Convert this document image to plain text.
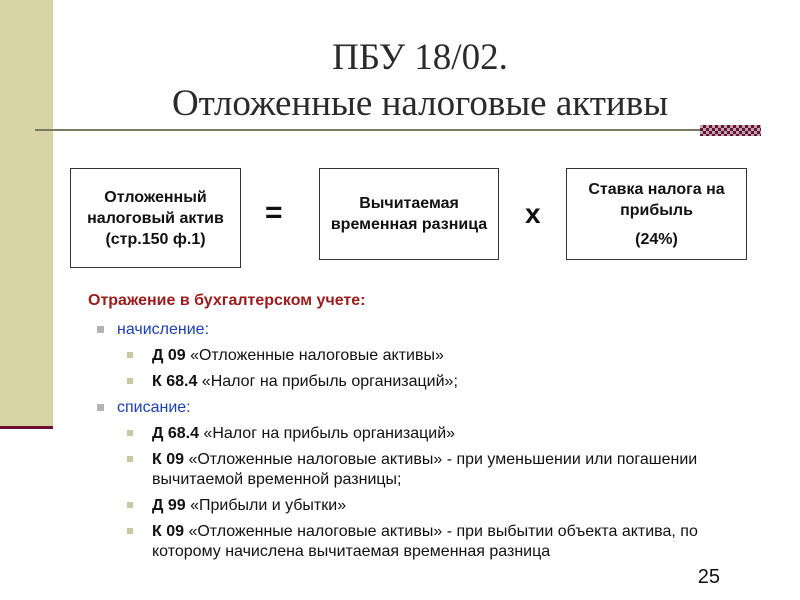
ПБУ 18/02.
Отложенные налоговые активы
Отложенный налоговый актив (стр.150 ф.1)
=	Вычитаемая временная разница	х
Ставка налога на прибыль
(24%)
Отражение в бухгалтерском учете:
начисление:
Д 09 «Отложенные налоговые активы»
К 68.4 «Налог на прибыль организаций»;
списание:
Д 68.4 «Налог на прибыль организаций»
К 09 «Отложенные налоговые активы» - при уменьшении или погашении вычитаемой временной разницы;
Д 99 «Прибыли и убытки»
К 09 «Отложенные налоговые активы» - при выбытии объекта актива, по которому начислена вычитаемая временная разница
25
